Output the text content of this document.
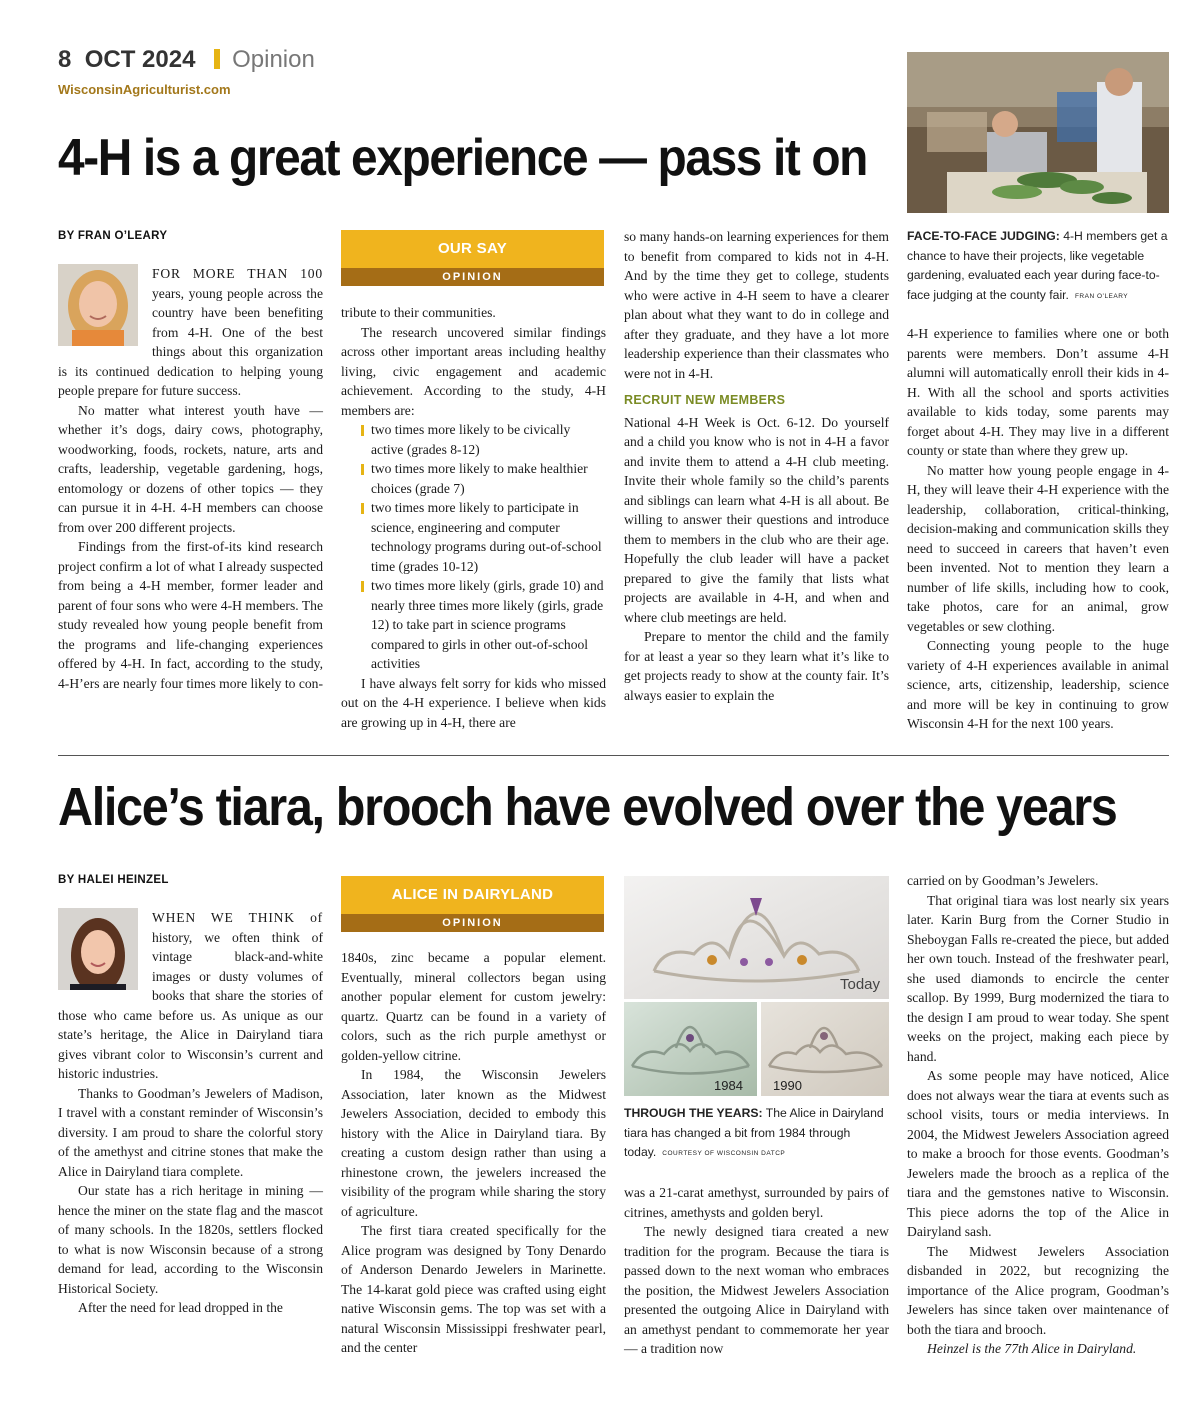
8 OCT 2024 Opinion
WisconsinAgriculturist.com
4-H is a great experience — pass it on
BY FRAN O’LEARY

FOR MORE THAN 100 years, young people across the country have been benefiting from 4-H. One of the best things about this organization is its continued dedication to helping young people prepare for future success.

No matter what interest youth have — whether it’s dogs, dairy cows, photography, woodworking, foods, rockets, nature, arts and crafts, leadership, vegetable gardening, hogs, entomology or dozens of other topics — they can pursue it in 4-H. 4-H members can choose from over 200 different projects.

Findings from the first-of-its kind research project confirm a lot of what I already suspected from being a 4-H member, former leader and parent of four sons who were 4-H members. The study revealed how young people benefit from the programs and life-changing experiences offered by 4-H. In fact, according to the study, 4-H’ers are nearly four times more likely to con-

OUR SAY
OPINION

tribute to their communities.

The research uncovered similar findings across other important areas including healthy living, civic engagement and academic achievement. According to the study, 4-H members are:

two times more likely to be civically active (grades 8-12)
two times more likely to make healthier choices (grade 7)
two times more likely to participate in science, engineering and computer technology programs during out-of-school time (grades 10-12)
two times more likely (girls, grade 10) and nearly three times more likely (girls, grade 12) to take part in science programs compared to girls in other out-of-school activities

I have always felt sorry for kids who missed out on the 4-H experience. I believe when kids are growing up in 4-H, there are

so many hands-on learning experiences for them to benefit from compared to kids not in 4-H. And by the time they get to college, students who were active in 4-H seem to have a clearer plan about what they want to do in college and after they graduate, and they have a lot more leadership experience than their classmates who were not in 4-H.

RECRUIT NEW MEMBERS

National 4-H Week is Oct. 6-12. Do yourself and a child you know who is not in 4-H a favor and invite them to attend a 4-H club meeting. Invite their whole family so the child’s parents and siblings can learn what 4-H is all about. Be willing to answer their questions and introduce them to members in the club who are their age. Hopefully the club leader will have a packet prepared to give the family that lists what projects are available in 4-H, and when and where club meetings are held.

Prepare to mentor the child and the family for at least a year so they learn what it’s like to get projects ready to show at the county fair. It’s always easier to explain the

FACE-TO-FACE JUDGING: 4-H members get a chance to have their projects, like vegetable gardening, evaluated each year during face-to-face judging at the county fair. FRAN O’LEARY

4-H experience to families where one or both parents were members. Don’t assume 4-H alumni will automatically enroll their kids in 4-H. With all the school and sports activities available to kids today, some parents may forget about 4-H. They may live in a different county or state than where they grew up.

No matter how young people engage in 4-H, they will leave their 4-H experience with the leadership, collaboration, critical-thinking, decision-making and communication skills they need to succeed in careers that haven’t even been invented. Not to mention they learn a number of life skills, including how to cook, take photos, care for an animal, grow vegetables or sew clothing.

Connecting young people to the huge variety of 4-H experiences available in animal science, arts, citizenship, leadership, science and more will be key in continuing to grow Wisconsin 4-H for the next 100 years.

Alice’s tiara, brooch have evolved over the years
BY HALEI HEINZEL

WHEN WE THINK of history, we often think of vintage black-and-white images or dusty volumes of books that share the stories of those who came before us. As unique as our state’s heritage, the Alice in Dairyland tiara gives vibrant color to Wisconsin’s current and historic industries.

Thanks to Goodman’s Jewelers of Madison, I travel with a constant reminder of Wisconsin’s diversity. I am proud to share the colorful story of the amethyst and citrine stones that make the Alice in Dairyland tiara complete.

Our state has a rich heritage in mining — hence the miner on the state flag and the mascot of many schools. In the 1820s, settlers flocked to what is now Wisconsin because of a strong demand for lead, according to the Wisconsin Historical Society.

After the need for lead dropped in the

ALICE IN DAIRYLAND
OPINION

1840s, zinc became a popular element. Eventually, mineral collectors began using another popular element for custom jewelry: quartz. Quartz can be found in a variety of colors, such as the rich purple amethyst or golden-yellow citrine.

In 1984, the Wisconsin Jewelers Association, later known as the Midwest Jewelers Association, decided to embody this history with the Alice in Dairyland tiara. By creating a custom design rather than using a rhinestone crown, the jewelers increased the visibility of the program while sharing the story of agriculture.

The first tiara created specifically for the Alice program was designed by Tony Denardo of Anderson Denardo Jewelers in Marinette. The 14-karat gold piece was crafted using eight native Wisconsin gems. The top was set with a natural Wisconsin Mississippi freshwater pearl, and the center

Today
1984 1990
THROUGH THE YEARS: The Alice in Dairyland tiara has changed a bit from 1984 through today. COURTESY OF WISCONSIN DATCP

was a 21-carat amethyst, surrounded by pairs of citrines, amethysts and golden beryl.

The newly designed tiara created a new tradition for the program. Because the tiara is passed down to the next woman who embraces the position, the Midwest Jewelers Association presented the outgoing Alice in Dairyland with an amethyst pendant to commemorate her year — a tradition now

carried on by Goodman’s Jewelers.

That original tiara was lost nearly six years later. Karin Burg from the Corner Studio in Sheboygan Falls re-created the piece, but added her own touch. Instead of the freshwater pearl, she used diamonds to encircle the center scallop. By 1999, Burg modernized the tiara to the design I am proud to wear today. She spent weeks on the project, making each piece by hand.

As some people may have noticed, Alice does not always wear the tiara at events such as school visits, tours or media interviews. In 2004, the Midwest Jewelers Association agreed to make a brooch for those events. Goodman’s Jewelers made the brooch as a replica of the tiara and the gemstones native to Wisconsin. This piece adorns the top of the Alice in Dairyland sash.

The Midwest Jewelers Association disbanded in 2022, but recognizing the importance of the Alice program, Goodman’s Jewelers has since taken over maintenance of both the tiara and brooch.

Heinzel is the 77th Alice in Dairyland.
